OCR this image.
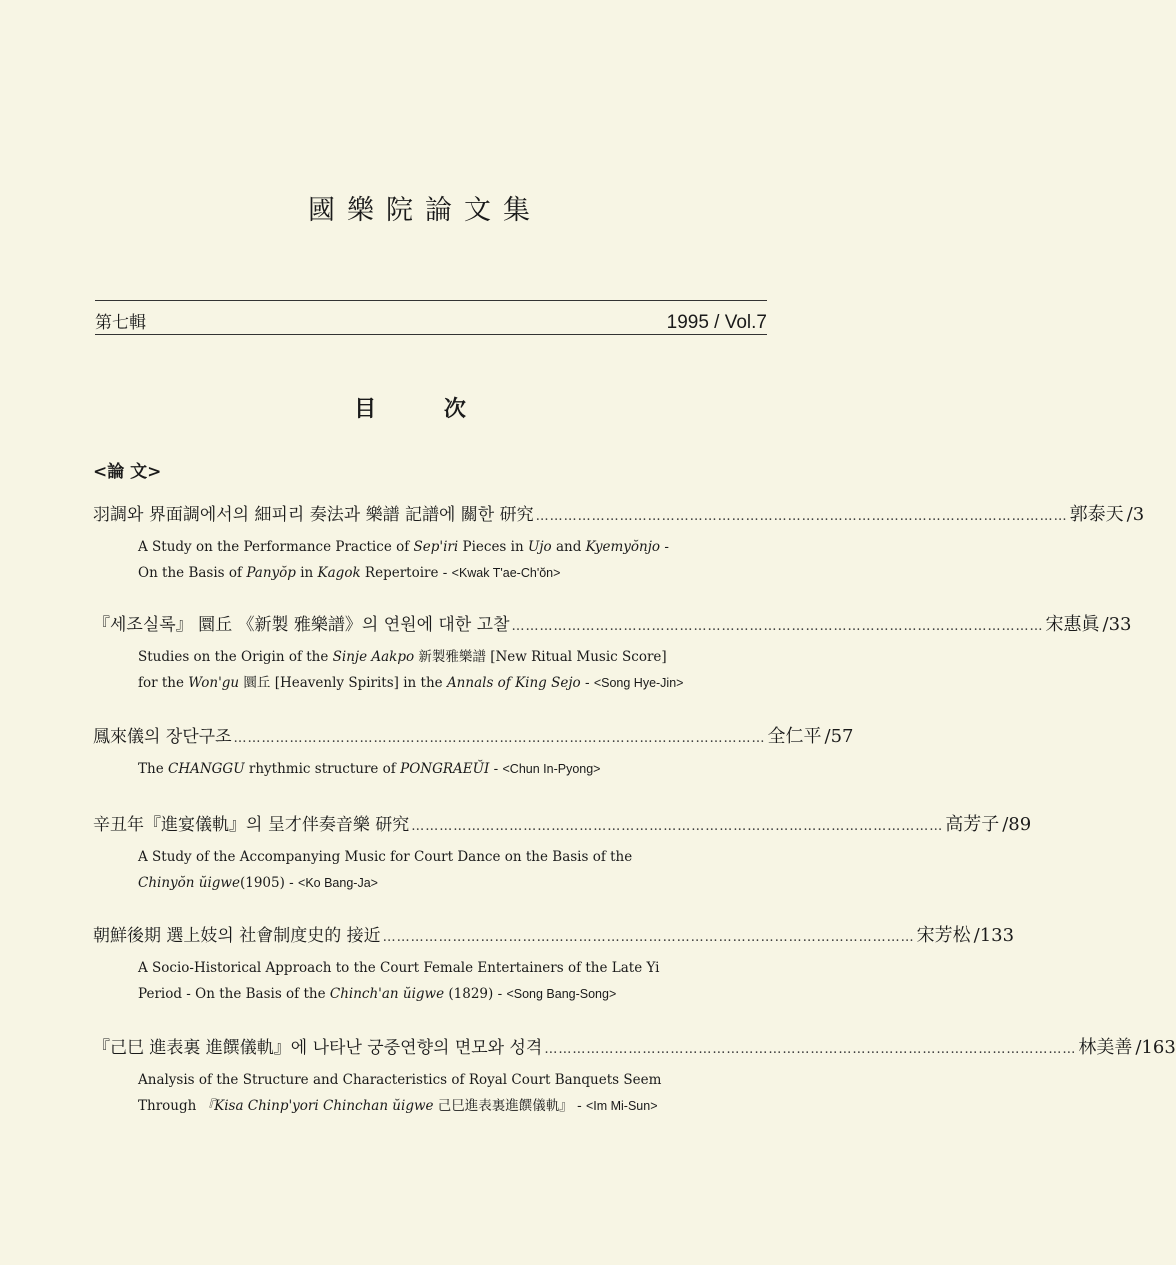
國樂院論文集
第七輯	1995 / Vol.7
目 次
<論 文>
羽調와 界面調에서의 細피리 奏法과 樂譜 記譜에 關한 研究 …………………………………………………………………………………………………… 郭泰天 /3
A Study on the Performance Practice of Sep'iri Pieces in Ujo and Kyemyŏnjo -
On the Basis of Panyŏp in Kagok Repertoire - <Kwak T'ae-Ch'ŏn>
『세조실록』 圜丘 《新製 雅樂譜》의 연원에 대한 고찰 …………………………………………………………………………………………………… 宋惠眞 /33
Studies on the Origin of the Sinje Aakpo 新製雅樂譜 [New Ritual Music Score]
for the Won'gu 圜丘 [Heavenly Spirits] in the Annals of King Sejo - <Song Hye-Jin>
鳳來儀의 장단구조 …………………………………………………………………………………………………… 全仁平 /57
The CHANGGU rhythmic structure of PONGRAEŬI - <Chun In-Pyong>
辛丑年『進宴儀軌』의 呈才伴奏音樂 研究 …………………………………………………………………………………………………… 高芳子 /89
A Study of the Accompanying Music for Court Dance on the Basis of the
Chinyŏn ŭigwe(1905) - <Ko Bang-Ja>
朝鮮後期 選上妓의 社會制度史的 接近 …………………………………………………………………………………………………… 宋芳松 /133
A Socio-Historical Approach to the Court Female Entertainers of the Late Yi
Period - On the Basis of the Chinch'an ŭigwe (1829) - <Song Bang-Song>
『己巳 進表裏 進饌儀軌』에 나타난 궁중연향의 면모와 성격 …………………………………………………………………………………………………… 林美善 /163
Analysis of the Structure and Characteristics of Royal Court Banquets Seem
Through 『Kisa Chinp'yori Chinchan ŭigwe 己巳進表裏進饌儀軌』 - <Im Mi-Sun>
